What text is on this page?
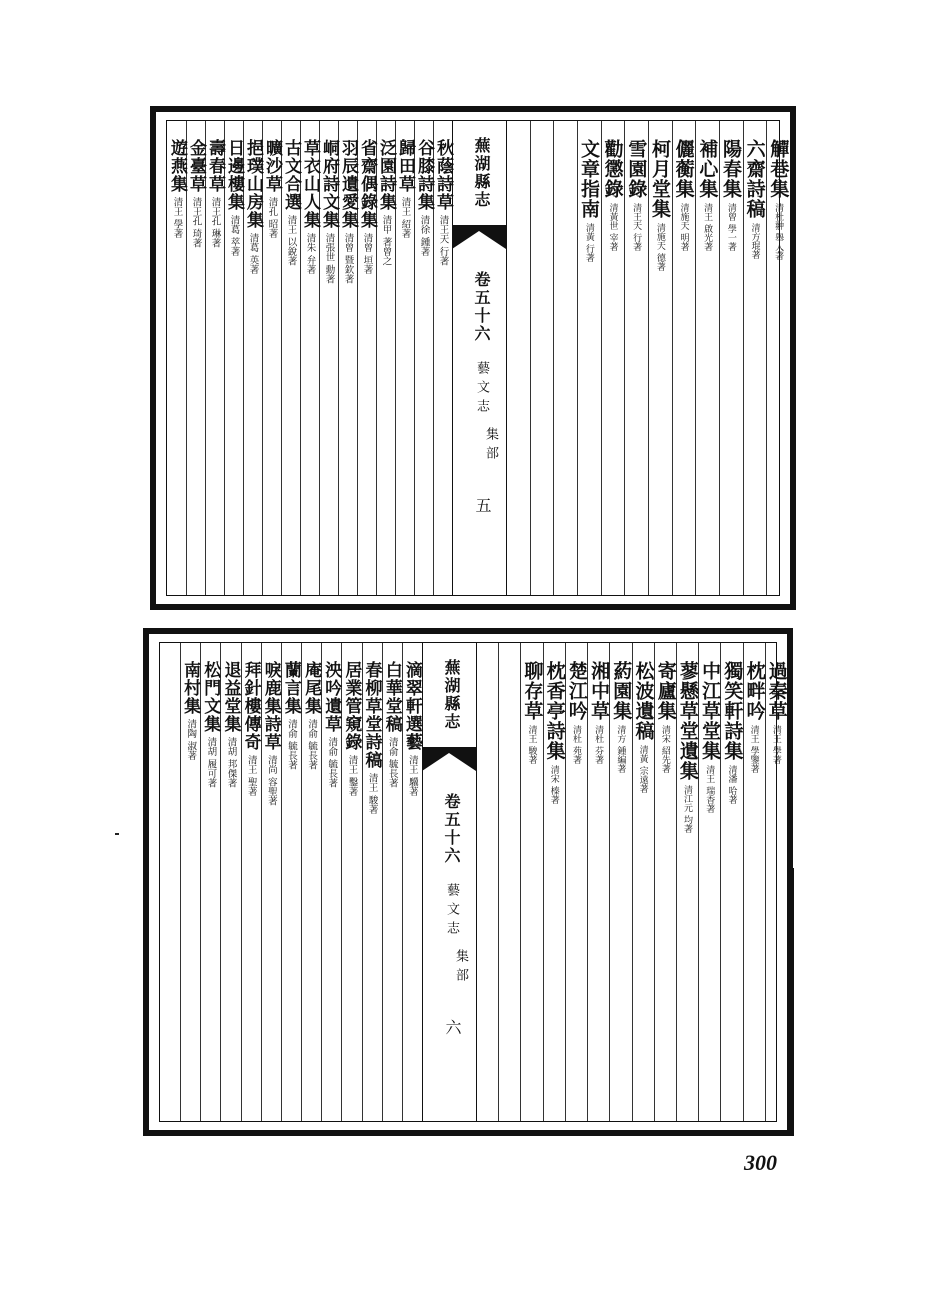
觶巷集
清杜翀 舉人著
六齋詩稿
清方琨著
陽春集
清曾 學一著
補心集
清王 啟光著
儷蘅集
清施天 明著
柯月堂集
清施天 德著
雪園錄
清王天 行著
勸懲錄
清黃世 宰著
文章指南
清黃 行著
秋蔭詩草
清王天 行著
谷膝詩集
清徐 鍾著
歸田草
清王 紹著
泛園詩集
清甲 著曾之
省齋偶錄集
清曾 垣著
羽辰遺愛集
清曾 暨欽著
峒府詩文集
清張世 勳著
草衣山人集
清朱 弁著
古文合選
清王 以銳著
曠沙草
清孔 昭著
挹璞山房集
清葛 英著
日邊樓集
清葛 萃著
壽春草
清王孔 琳著
金臺草
清王孔 琦著
遊燕集
清王 學著
蕪湖縣志
卷五十六
藝文志
集部
五
過秦草
清王 學著
枕畔吟
清王 學鑒著
獨笑軒詩集
清潘 哈著
中江草堂集
清王 瑞香著
蓼懸草堂遺集
清江元 均著
寄廬集
清宋 紹先著
松波遺稿
清黃 宗遠著
葯園集
清方 鍾編著
湘中草
清杜 芬著
楚江吟
清杜 苑著
枕香亭詩集
清宋 榛著
聊存草
清王 駿著
滴翠軒選藝
清王 驥著
白華堂稿
清俞 毓長著
春柳草堂詩稿
清王 駿著
居業管窺錄
清王 鑿著
泱吟遺草
清俞 毓長著
庵尾集
清俞 毓長著
蘭言集
清俞 毓長著
唳鹿集詩草
清尚 容聖著
拜針樓傳奇
清王 聖著
退益堂集
清胡 邦傑著
松門文集
清胡 履可著
南村集
清陶 淑著
蕪湖縣志
卷五十六
藝文志
集部
六
300
